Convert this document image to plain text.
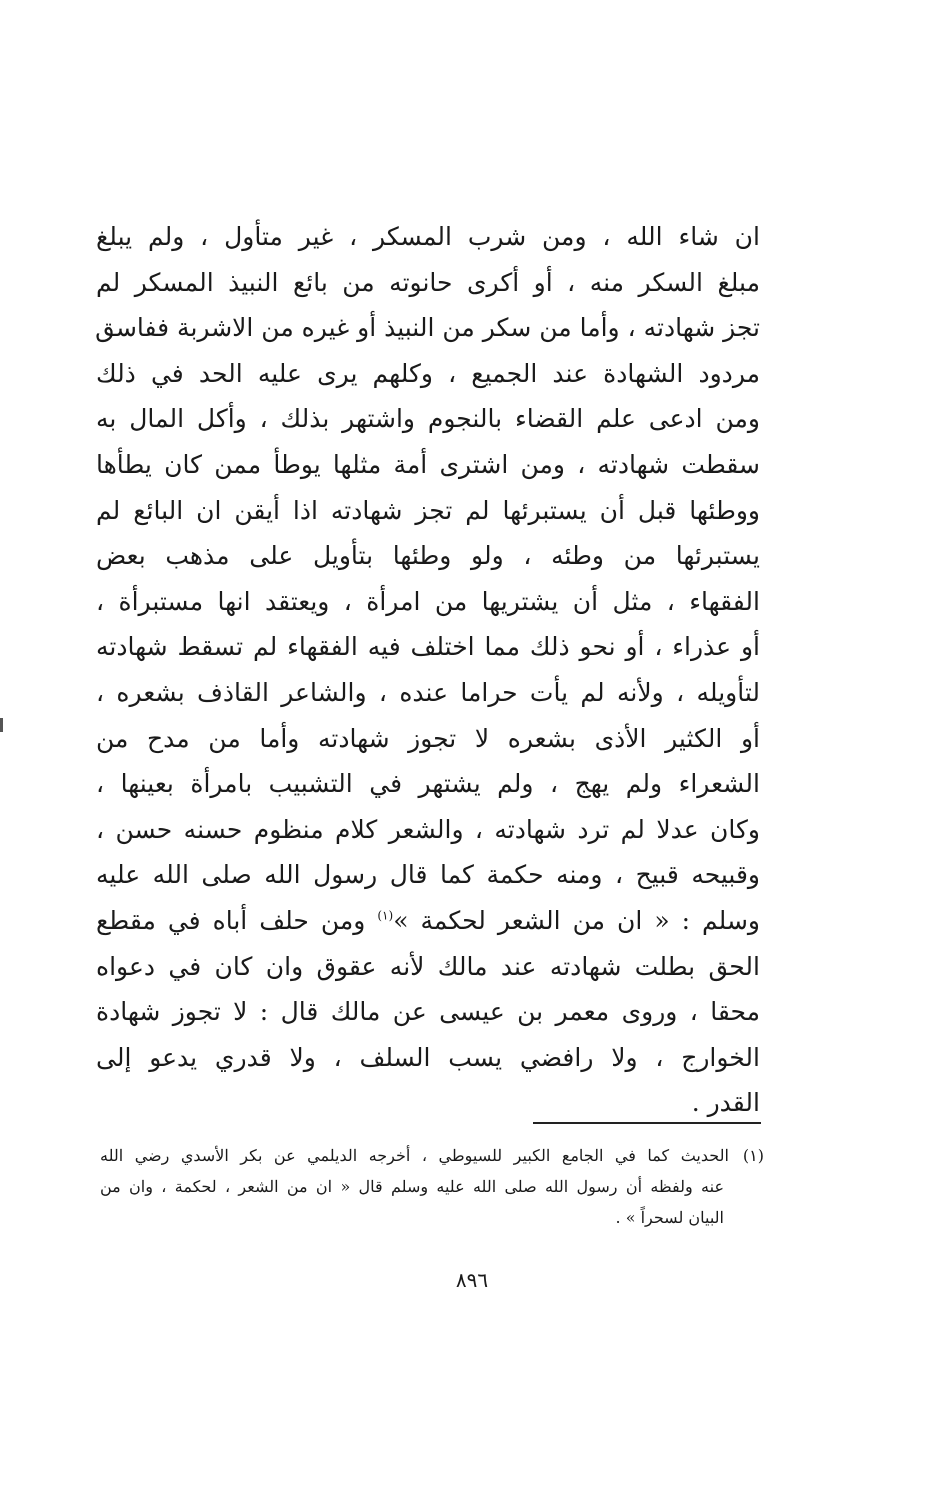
ان شاء الله ، ومن شرب المسكر ، غير متأول ، ولم يبلغ
مبلغ السكر منه ، أو أكرى حانوته من بائع النبيذ المسكر لم
تجز شهادته ، وأما من سكر من النبيذ أو غيره من الاشربة ففاسق
مردود الشهادة عند الجميع ، وكلهم يرى عليه الحد في ذلك
ومن ادعى علم القضاء بالنجوم واشتهر بذلك ، وأكل المال به
سقطت شهادته ، ومن اشترى أمة مثلها يوطأ ممن كان يطأها
ووطئها قبل أن يستبرئها لم تجز شهادته اذا أيقن ان البائع لم
يستبرئها من وطئه ، ولو وطئها بتأويل على مذهب بعض
الفقهاء ، مثل أن يشتريها من امرأة ، ويعتقد انها مستبرأة ،
أو عذراء ، أو نحو ذلك مما اختلف فيه الفقهاء لم تسقط شهادته
لتأويله ، ولأنه لم يأت حراما عنده ، والشاعر القاذف بشعره ،
أو الكثير الأذى بشعره لا تجوز شهادته وأما من مدح من
الشعراء ولم يهج ، ولم يشتهر في التشبيب بامرأة بعينها ،
وكان عدلا لم ترد شهادته ، والشعر كلام منظوم حسنه حسن ،
وقبيحه قبيح ، ومنه حكمة كما قال رسول الله صلى الله عليه
وسلم : « ان من الشعر لحكمة »$^{(١)}$ ومن حلف أباه في مقطع
الحق بطلت شهادته عند مالك لأنه عقوق وان كان في دعواه
محقا ، وروى معمر بن عيسى عن مالك قال : لا تجوز شهادة
الخوارج ، ولا رافضي يسب السلف ، ولا قدري يدعو إلى
القدر .
(١)الحديث كما في الجامع الكبير للسيوطي ، أخرجه الديلمي عن بكر الأسدي رضي الله
عنه ولفظه أن رسول الله صلى الله عليه وسلم قال « ان من الشعر ، لحكمة ، وان من
البيان لسحراً » .
٨٩٦
